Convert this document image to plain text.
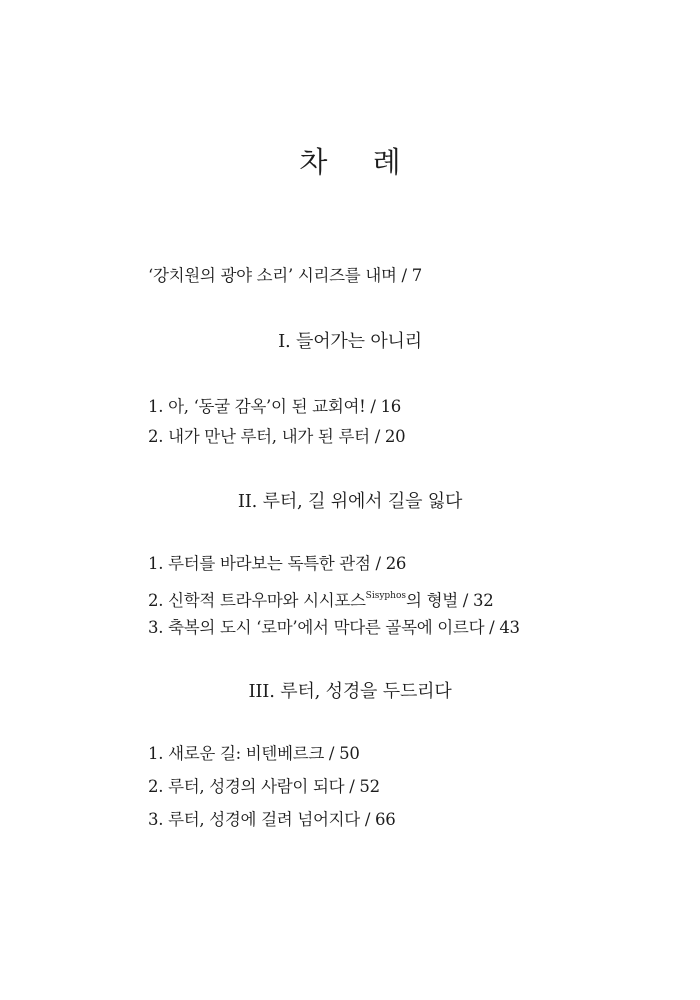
차 례
‘강치원의 광야 소리’ 시리즈를 내며 / 7
I. 들어가는 아니리
1. 아, ‘동굴 감옥’이 된 교회여! / 16
2. 내가 만난 루터, 내가 된 루터 / 20
II. 루터, 길 위에서 길을 잃다
1. 루터를 바라보는 독특한 관점 / 26
2. 신학적 트라우마와 시시포스$^{Sisyphos}$의 형벌 / 32
3. 축복의 도시 ‘로마’에서 막다른 골목에 이르다 / 43
III. 루터, 성경을 두드리다
1. 새로운 길: 비텐베르크 / 50
2. 루터, 성경의 사람이 되다 / 52
3. 루터, 성경에 걸려 넘어지다 / 66
